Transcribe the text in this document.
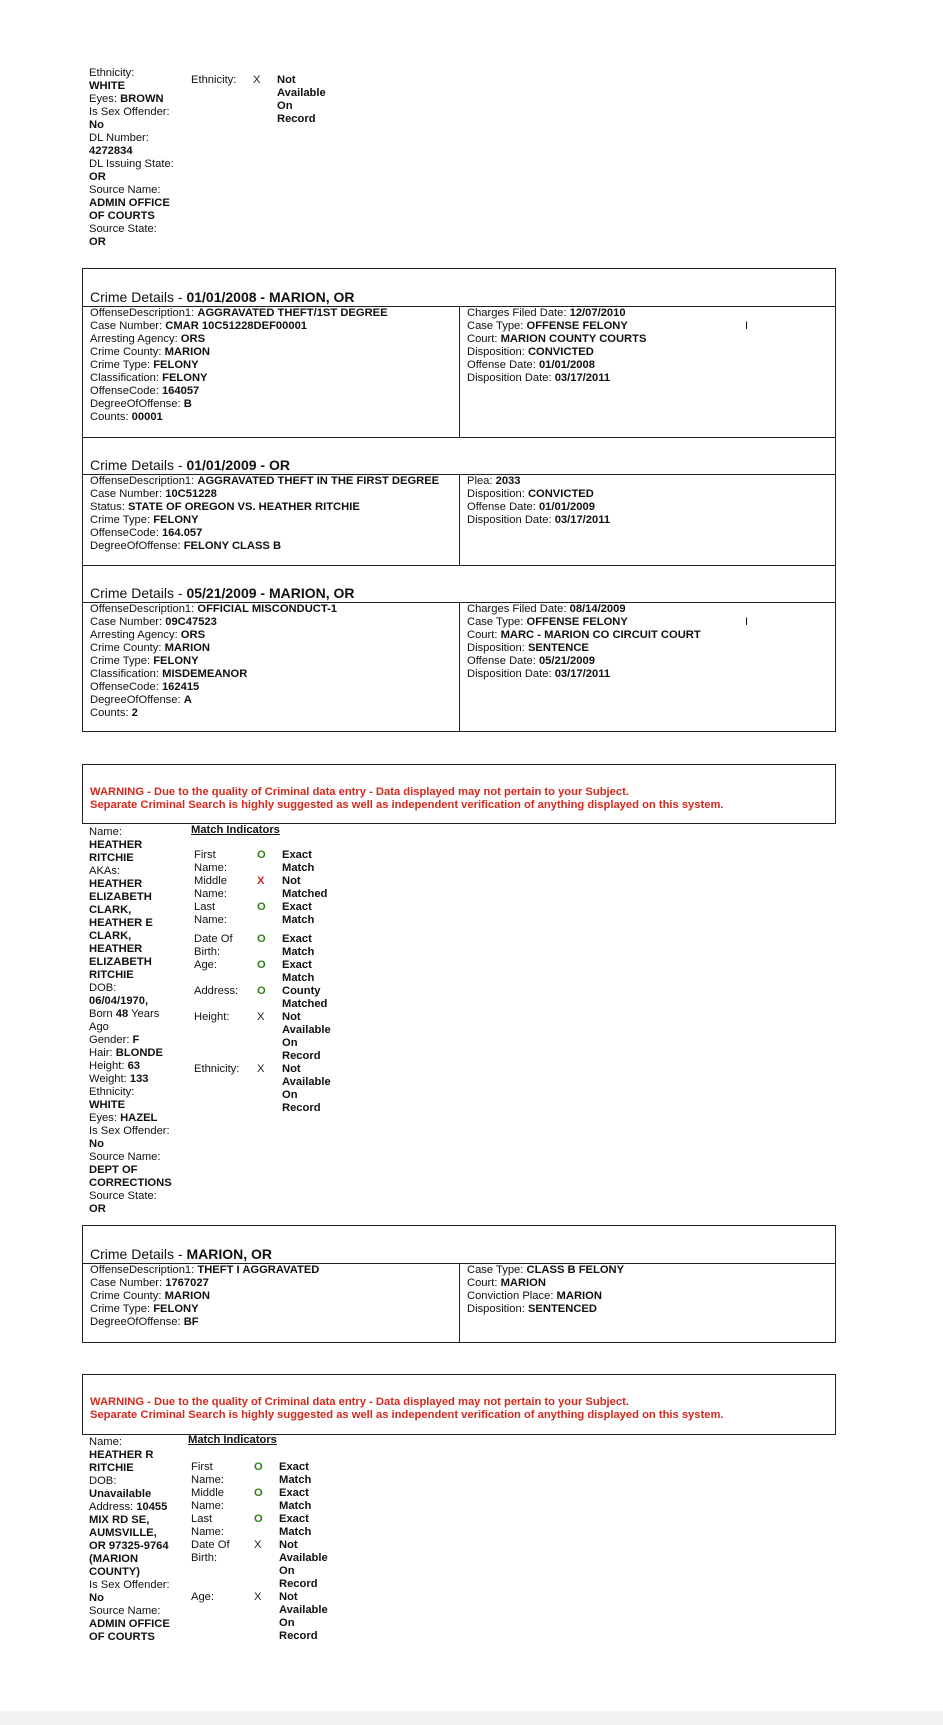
Ethnicity:
WHITE
Eyes: BROWN
Is Sex Offender:
No
DL Number:
4272834
DL Issuing State: OR
Source Name:
ADMIN OFFICE OF COURTS
Source State:
OR
Ethnicity:	X Not Available On Record
Crime Details - 01/01/2008 - MARION, OR
OffenseDescription1: AGGRAVATED THEFT/1ST DEGREE
Case Number: CMAR 10C51228DEF00001
Arresting Agency: ORS
Crime County: MARION
Crime Type: FELONY
Classification: FELONY
OffenseCode: 164057
DegreeOfOffense: B
Counts: 00001
Charges Filed Date: 12/07/2010
Case Type: OFFENSE FELONY
Court: MARION COUNTY COURTS
Disposition: CONVICTED
Offense Date: 01/01/2008
Disposition Date: 03/17/2011
I
Crime Details - 01/01/2009 - OR
OffenseDescription1: AGGRAVATED THEFT IN THE FIRST DEGREE
Case Number: 10C51228
Status: STATE OF OREGON VS. HEATHER RITCHIE
Crime Type: FELONY
OffenseCode: 164.057
DegreeOfOffense: FELONY CLASS B
Plea: 2033
Disposition: CONVICTED
Offense Date: 01/01/2009
Disposition Date: 03/17/2011
Crime Details - 05/21/2009 - MARION, OR
OffenseDescription1: OFFICIAL MISCONDUCT-1
Case Number: 09C47523
Arresting Agency: ORS
Crime County: MARION
Crime Type: FELONY
Classification: MISDEMEANOR
OffenseCode: 162415
DegreeOfOffense: A
Counts: 2
Charges Filed Date: 08/14/2009
Case Type: OFFENSE FELONY
Court: MARC - MARION CO CIRCUIT COURT
Disposition: SENTENCE
Offense Date: 05/21/2009
Disposition Date: 03/17/2011
I
WARNING - Due to the quality of Criminal data entry - Data displayed may not pertain to your Subject.
Separate Criminal Search is highly suggested as well as independent verification of anything displayed on this system.
Name:
HEATHER RITCHIE
AKAs:
HEATHER ELIZABETH CLARK, HEATHER E CLARK, HEATHER ELIZABETH RITCHIE
DOB:
06/04/1970,
Born 48 Years Ago
Gender: F
Hair: BLONDE
Height: 63
Weight: 133
Ethnicity:
WHITE
Eyes: HAZEL
Is Sex Offender:
No
Source Name:
DEPT OF CORRECTIONS
Source State:
OR
Match Indicators
First Name:
O Exact Match
Middle Name:
X Not Matched
Last Name:
O Exact Match
Date Of Birth:
O Exact Match
Age:	O Exact Match
Address:	O County Matched
Height:	X Not Available On Record
Ethnicity:	X Not Available On Record
Crime Details - MARION, OR
OffenseDescription1: THEFT I AGGRAVATED
Case Number: 1767027
Crime County: MARION
Crime Type: FELONY
DegreeOfOffense: BF
Case Type: CLASS B FELONY
Court: MARION
Conviction Place: MARION
Disposition: SENTENCED
WARNING - Due to the quality of Criminal data entry - Data displayed may not pertain to your Subject.
Separate Criminal Search is highly suggested as well as independent verification of anything displayed on this system.
Name:
HEATHER R RITCHIE
DOB:
Unavailable
Address: 10455 MIX RD SE, AUMSVILLE, OR 97325-9764 (MARION COUNTY)
Is Sex Offender:
No
Source Name:
ADMIN OFFICE OF COURTS
Match Indicators
First Name:
O Exact Match
Middle Name:
O Exact Match
Last Name:
O Exact Match
Date Of Birth:
X Not Available On Record
Age:	X Not Available On Record
